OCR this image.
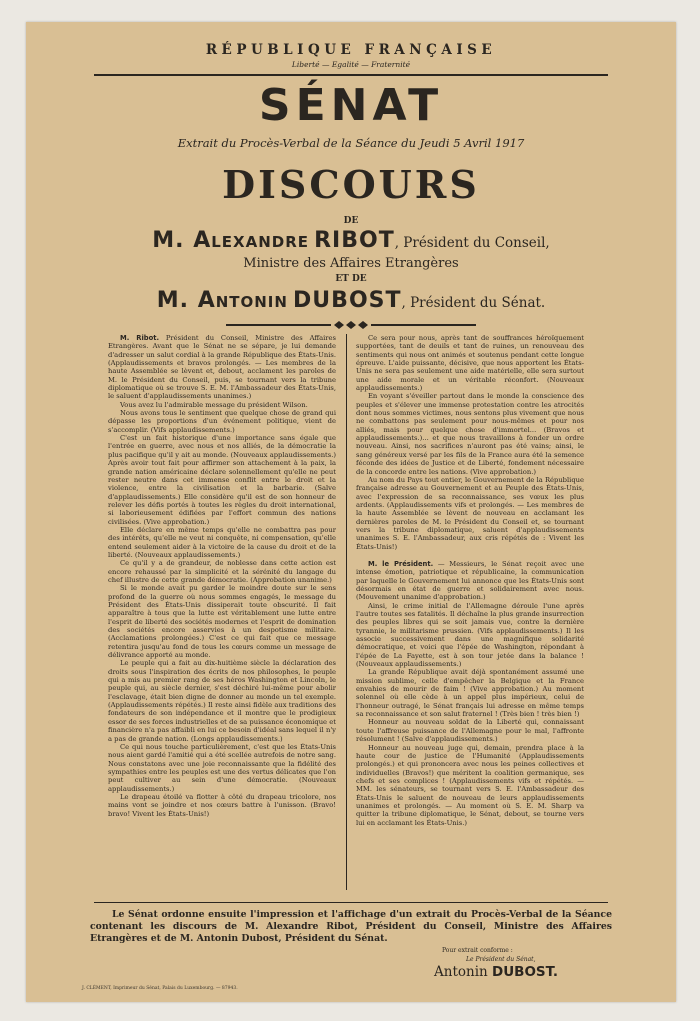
RÉPUBLIQUE FRANÇAISE
Liberté — Egalité — Fraternité
SÉNAT
Extrait du Procès-Verbal de la Séance du Jeudi 5 Avril 1917
DISCOURS
DE
M. ALEXANDRE RIBOT, Président du Conseil,
Ministre des Affaires Etrangères
ET DE
M. ANTONIN DUBOST, Président du Sénat.

M. Ribot. Président du Conseil, Ministre des Affaires Etrangères. Avant que le Sénat ne se sépare, je lui demande d'adresser un salut cordial à la grande République des États-Unis. (Applaudissements et bravos prolongés. — Les membres de la haute Assemblée se lèvent et, debout, acclament les paroles de M. le Président du Conseil, puis, se tournant vers la tribune diplomatique où se trouve S. E. M. l'Ambassadeur des États-Unis, le saluent d'applaudissements unanimes.)

Vous avez lu l'admirable message du président Wilson.

Nous avons tous le sentiment que quelque chose de grand qui dépasse les proportions d'un événement politique, vient de s'accomplir. (Vifs applaudissements.)

C'est un fait historique d'une importance sans égale que l'entrée en guerre, avec nous et nos alliés, de la démocratie la plus pacifique qu'il y ait au monde. (Nouveaux applaudissements.) Après avoir tout fait pour affirmer son attachement à la paix, la grande nation américaine déclare solennellement qu'elle ne peut rester neutre dans cet immense conflit entre le droit et la violence, entre la civilisation et la barbarie. (Salve d'applaudissements.) Elle considère qu'il est de son honneur de relever les défis portés à toutes les règles du droit international, si laborieusement édifiées par l'effort commun des nations civilisées. (Vive approbation.)

Elle déclare en même temps qu'elle ne combattra pas pour des intérêts, qu'elle ne veut ni conquête, ni compensation, qu'elle entend seulement aider à la victoire de la cause du droit et de la liberté. (Nouveaux applaudissements.)

Ce qu'il y a de grandeur, de noblesse dans cette action est encore rehaussé par la simplicité et la sérénité du langage du chef illustre de cette grande démocratie. (Approbation unanime.)

Si le monde avait pu garder le moindre doute sur le sens profond de la guerre où nous sommes engagés, le message du Président des États-Unis dissiperait toute obscurité. Il fait apparaître à tous que la lutte est véritablement une lutte entre l'esprit de liberté des sociétés modernes et l'esprit de domination des sociétés encore asservies à un despotisme militaire. (Acclamations prolongées.) C'est ce qui fait que ce message retentira jusqu'au fond de tous les cœurs comme un message de délivrance apporté au monde.

Le peuple qui a fait au dix-huitième siècle la déclaration des droits sous l'inspiration des écrits de nos philosophes, le peuple qui a mis au premier rang de ses héros Washington et Lincoln, le peuple qui, au siècle dernier, s'est déchiré lui-même pour abolir l'esclavage, était bien digne de donner au monde un tel exemple. (Applaudissements répétés.) Il reste ainsi fidèle aux traditions des fondateurs de son indépendance et il montre que le prodigieux essor de ses forces industrielles et de sa puissance économique et financière n'a pas affaibli en lui ce besoin d'idéal sans lequel il n'y a pas de grande nation. (Longs applaudissements.)

Ce qui nous touche particulièrement, c'est que les États-Unis nous aient gardé l'amitié qui a été scellée autrefois de notre sang. Nous constatons avec une joie reconnaissante que la fidélité des sympathies entre les peuples est une des vertus délicates que l'on peut cultiver au sein d'une démocratie. (Nouveaux applaudissements.)

Le drapeau étoilé va flotter à côté du drapeau tricolore, nos mains vont se joindre et nos cœurs battre à l'unisson. (Bravo! bravo! Vivent les États-Unis!)

Ce sera pour nous, après tant de souffrances héroïquement supportées, tant de deuils et tant de ruines, un renouveau des sentiments qui nous ont animés et soutenus pendant cette longue épreuve. L'aide puissante, décisive, que nous apportent les États-Unis ne sera pas seulement une aide matérielle, elle sera surtout une aide morale et un véritable réconfort. (Nouveaux applaudissements.)

En voyant s'éveiller partout dans le monde la conscience des peuples et s'élever une immense protestation contre les atrocités dont nous sommes victimes, nous sentons plus vivement que nous ne combattons pas seulement pour nous-mêmes et pour nos alliés, mais pour quelque chose d'immortel... (Bravos et applaudissements.)... et que nous travaillons à fonder un ordre nouveau. Ainsi, nos sacrifices n'auront pas été vains; ainsi, le sang généreux versé par les fils de la France aura été la semence féconde des idées de Justice et de Liberté, fondement nécessaire de la concorde entre les nations. (Vive approbation.)

Au nom du Pays tout entier, le Gouvernement de la République française adresse au Gouvernement et au Peuple des États-Unis, avec l'expression de sa reconnaissance, ses vœux les plus ardents. (Applaudissements vifs et prolongés. — Les membres de la haute Assemblée se lèvent de nouveau en acclamant les dernières paroles de M. le Président du Conseil et, se tournant vers la tribune diplomatique, saluent d'applaudissements unanimes S. E. l'Ambassadeur, aux cris répétés de : Vivent les États-Unis!)

M. le Président. — Messieurs, le Sénat reçoit avec une intense émotion, patriotique et républicaine, la communication par laquelle le Gouvernement lui annonce que les États-Unis sont désormais en état de guerre et solidairement avec nous. (Mouvement unanime d'approbation.)

Ainsi, le crime initial de l'Allemagne déroule l'une après l'autre toutes ses fatalités. Il déchaîne la plus grande insurrection des peuples libres qui se soit jamais vue, contre la dernière tyrannie, le militarisme prussien. (Vifs applaudissements.) Il les associe successivement dans une magnifique solidarité démocratique, et voici que l'épée de Washington, répondant à l'épée de La Fayette, est à son tour jetée dans la balance ! (Nouveaux applaudissements.)

La grande République avait déjà spontanément assumé une mission sublime, celle d'empêcher la Belgique et la France envahies de mourir de faim ! (Vive approbation.) Au moment solennel où elle cède à un appel plus impérieux, celui de l'honneur outragé, le Sénat français lui adresse en même temps sa reconnaissance et son salut fraternel ! (Très bien ! très bien !)

Honneur au nouveau soldat de la Liberté qui, connaissant toute l'affreuse puissance de l'Allemagne pour le mal, l'affronte résolument ! (Salve d'applaudissements.)

Honneur au nouveau juge qui, demain, prendra place à la haute cour de justice de l'Humanité (Applaudissements prolongés.) et qui prononcera avec nous les peines collectives et individuelles (Bravos!) que méritent la coalition germanique, ses chefs et ses complices ! (Applaudissements vifs et répétés. — MM. les sénateurs, se tournant vers S. E. l'Ambassadeur des États-Unis le saluent de nouveau de leurs applaudissements unanimes et prolongés. — Au moment où S. E. M. Sharp va quitter la tribune diplomatique, le Sénat, debout, se tourne vers lui en acclamant les États-Unis.)

Le Sénat ordonne ensuite l'impression et l'affichage d'un extrait du Procès-Verbal de la Séance contenant les discours de M. Alexandre Ribot, Président du Conseil, Ministre des Affaires Etrangères et de M. Antonin Dubost, Président du Sénat.

Pour extrait conforme :
Le Président du Sénat,
Antonin DUBOST.
J. CLÉMENT, Imprimeur du Sénat, Palais du Luxembourg. — 87943.
